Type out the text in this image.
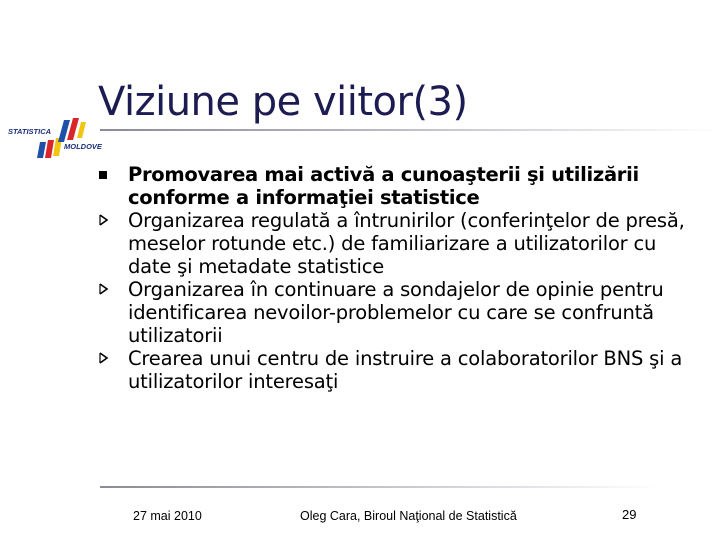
STATISTICA
MOLDOVEI
Viziune pe viitor(3)
Promovarea mai activă a cunoaşterii şi utilizării conforme a informaţiei statistice
Organizarea regulată a întrunirilor (conferinţelor de presă, meselor rotunde etc.) de familiarizare a utilizatorilor cu date şi metadate statistice
Organizarea în continuare a sondajelor de opinie pentru identificarea nevoilor-problemelor cu care se confruntă utilizatorii
Crearea unui centru de instruire a colaboratorilor BNS şi a utilizatorilor interesaţi
27 mai 2010	Oleg Cara, Biroul Naţional de Statistică	29
